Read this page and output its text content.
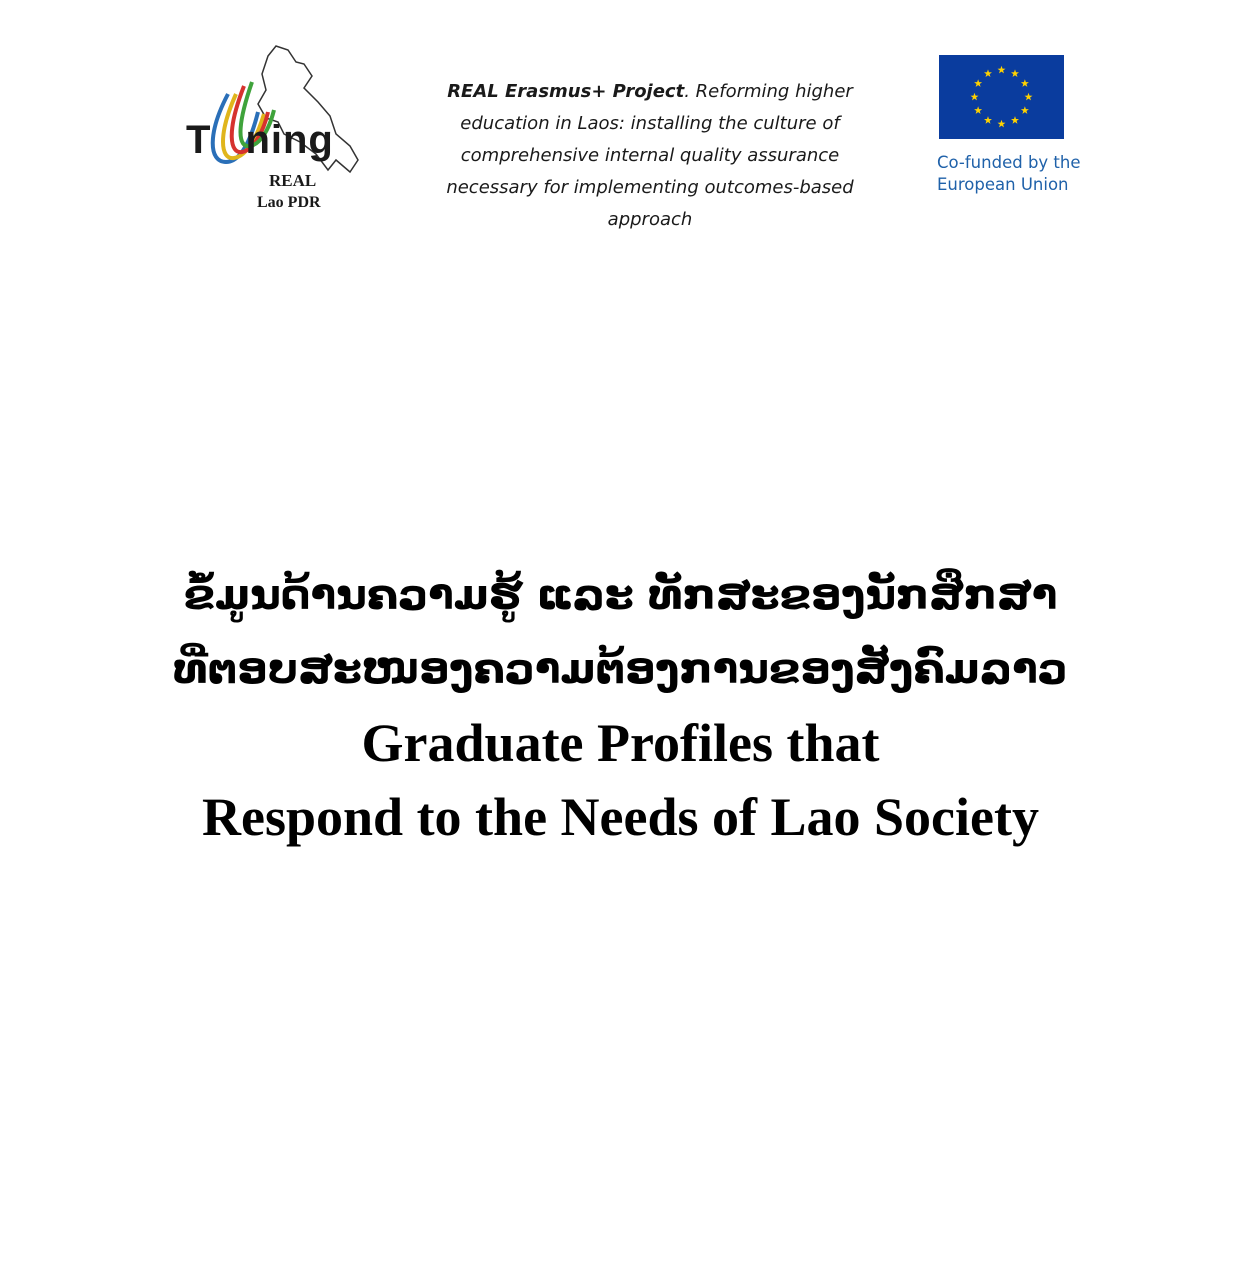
T ning
REAL
Lao PDR
REAL Erasmus+ Project. Reforming higher
education in Laos: installing the culture of
comprehensive internal quality assurance
necessary for implementing outcomes-based
approach
Co-funded by the
European Union
ຂໍ້ມູນດ້ານຄວາມຮູ້ ແລະ ທັກສະຂອງນັກສຶກສາ
ທີ່ຕອບສະໜອງຄວາມຕ້ອງການຂອງສັງຄົມລາວ
Graduate Profiles that
Respond to the Needs of Lao Society
